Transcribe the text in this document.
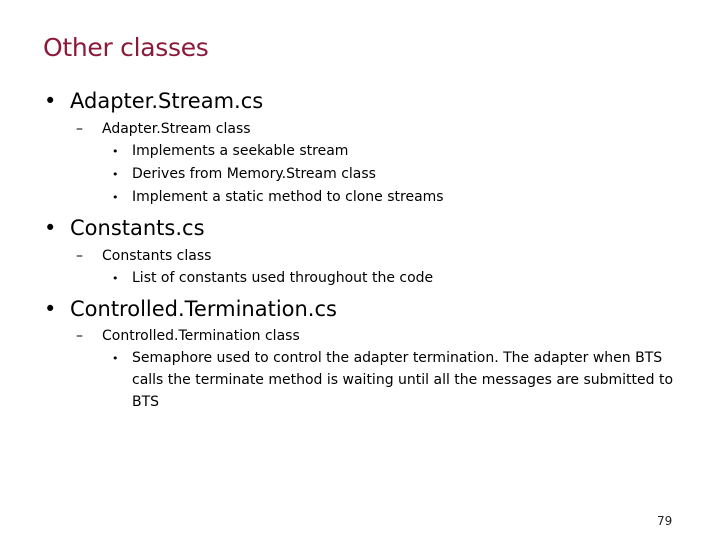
Other classes
• Adapter.Stream.cs
–	Adapter.Stream class
• Implements a seekable stream
• Derives from Memory.Stream class
• Implement a static method to clone streams
• Constants.cs
–	Constants class
• List of constants used throughout the code
• Controlled.Termination.cs
–	Controlled.Termination class
• Semaphore used to control the adapter termination. The adapter when BTS calls the terminate method is waiting until all the messages are submitted to BTS
79
